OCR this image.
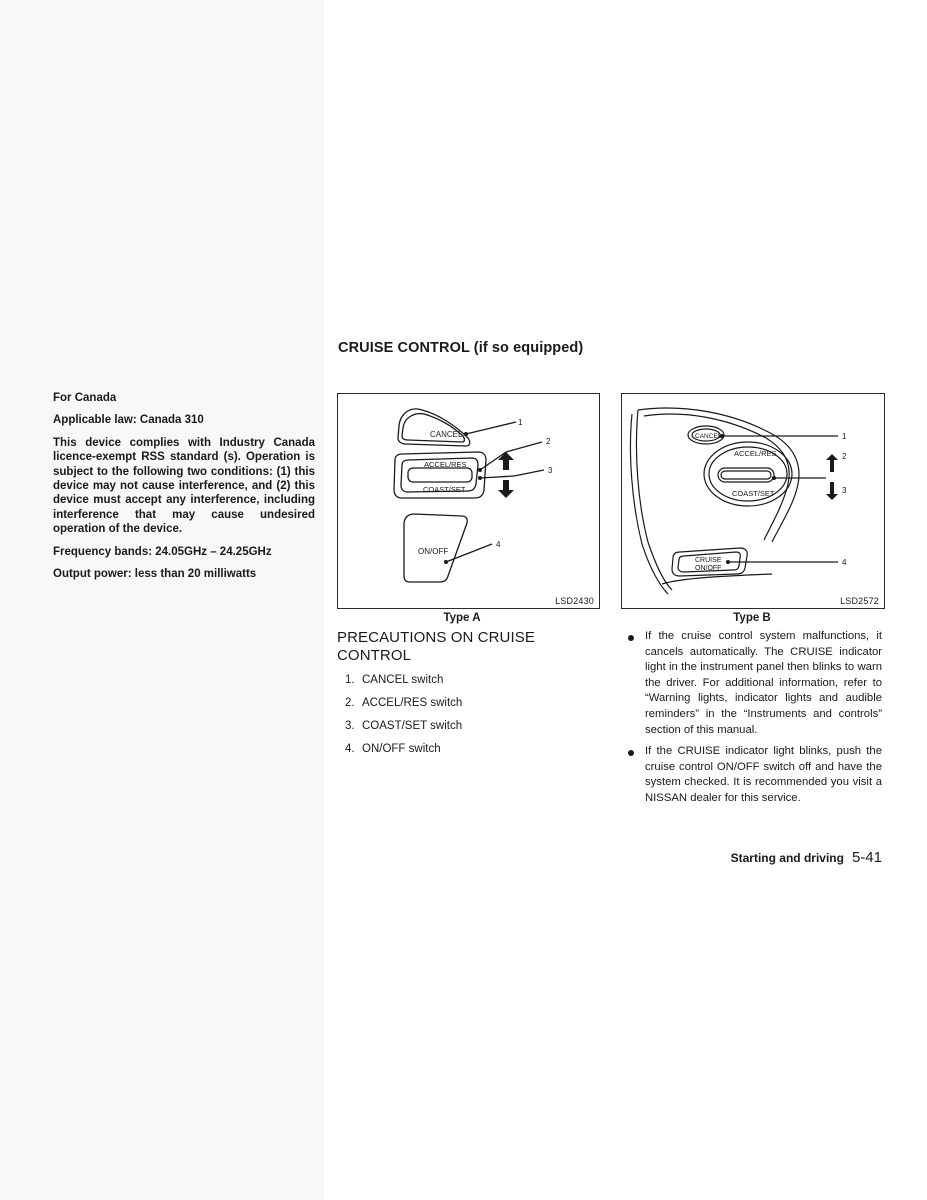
For Canada

Applicable law: Canada 310

This device complies with Industry Canada licence-exempt RSS standard (s). Operation is subject to the following two conditions: (1) this device may not cause interference, and (2) this device must accept any interference, including interference that may cause undesired operation of the device.

Frequency bands: 24.05GHz – 24.25GHz

Output power: less than 20 milliwatts

CRUISE CONTROL (if so equipped)
CANCEL
ACCEL/RES
COAST/SET
ON/OFF
1
2
3
4
LSD2430
Type A
CANCEL
ACCEL/RES
COAST/SET
CRUISE
ON/OFF
1
2
3
4
LSD2572
Type B
PRECAUTIONS ON CRUISE CONTROL
1. CANCEL switch
2. ACCEL/RES switch
3. COAST/SET switch
4. ON/OFF switch
If the cruise control system malfunctions, it cancels automatically. The CRUISE indicator light in the instrument panel then blinks to warn the driver. For additional information, refer to “Warning lights, indicator lights and audible reminders” in the “Instruments and controls” section of this manual.
If the CRUISE indicator light blinks, push the cruise control ON/OFF switch off and have the system checked. It is recommended you visit a NISSAN dealer for this service.
Starting and driving 5-41
